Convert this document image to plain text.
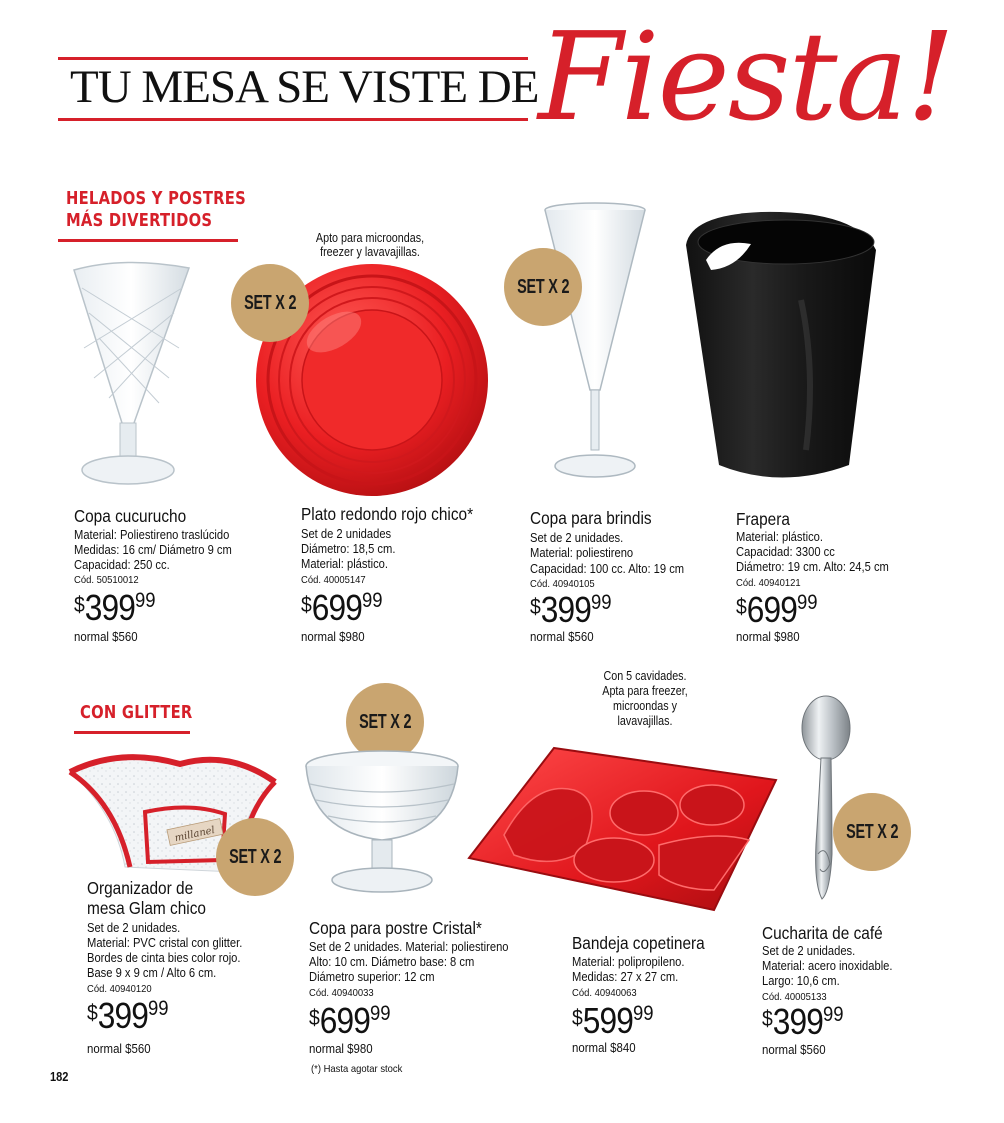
TU MESA SE VISTE DE Fiesta!
HELADOS Y POSTRES
MÁS DIVERTIDOS
Copa cucurucho
Material: Poliestireno traslúcido
Medidas: 16 cm/ Diámetro 9 cm
Capacidad: 250 cc.
Cód. 50510012
$39999
normal $560
Apto para microondas,
freezer y lavavajillas.
SET X 2
Plato redondo rojo chico*
Set de 2 unidades
Diámetro: 18,5 cm.
Material: plástico.
Cód. 40005147
$69999
normal $980
SET X 2
Copa para brindis
Set de 2 unidades.
Material: poliestireno
Capacidad: 100 cc. Alto: 19 cm
Cód. 40940105
$39999
normal $560
Frapera
Material: plástico.
Capacidad: 3300 cc
Diámetro: 19 cm. Alto: 24,5 cm
Cód. 40940121
$69999
normal $980
CON GLITTER
millanel
SET X 2
Organizador de
mesa Glam chico
Set de 2 unidades.
Material: PVC cristal con glitter.
Bordes de cinta bies color rojo.
Base 9 x 9 cm / Alto 6 cm.
Cód. 40940120
$39999
normal $560
SET X 2
Copa para postre Cristal*
Set de 2 unidades. Material: poliestireno
Alto: 10 cm. Diámetro base: 8 cm
Diámetro superior: 12 cm
Cód. 40940033
$69999
normal $980
(*) Hasta agotar stock
Con 5 cavidades.
Apta para freezer,
microondas y
lavavajillas.
Bandeja copetinera
Material: polipropileno.
Medidas: 27 x 27 cm.
Cód. 40940063
$59999
normal $840
SET X 2
Cucharita de café
Set de 2 unidades.
Material: acero inoxidable.
Largo: 10,6 cm.
Cód. 40005133
$39999
normal $560
182
